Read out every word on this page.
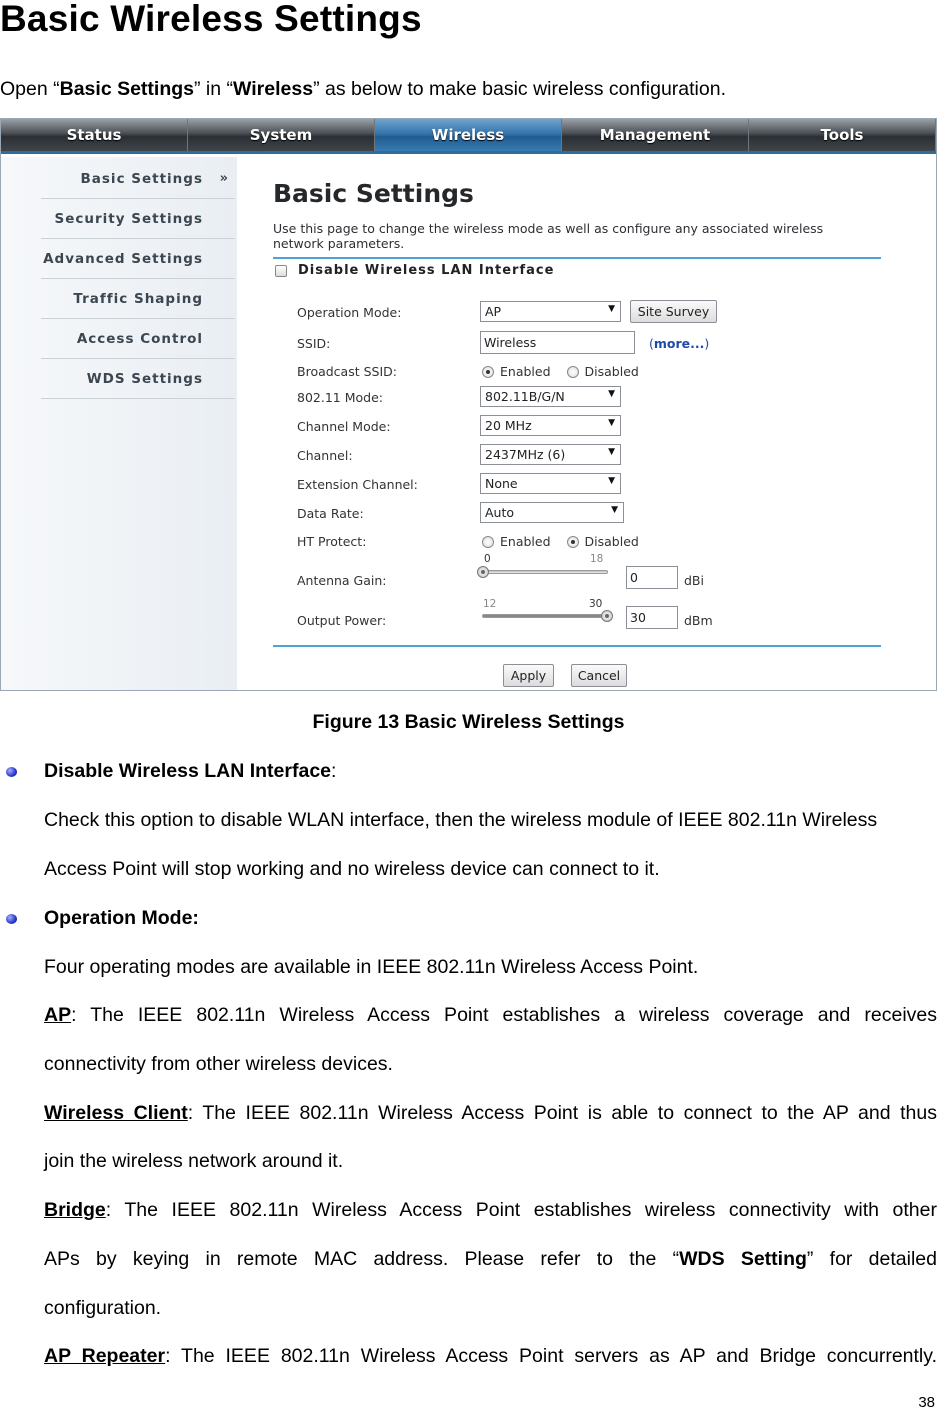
Basic Wireless Settings
Open “Basic Settings” in “Wireless” as below to make basic wireless configuration.
Status	System	Wireless	Management	Tools
Basic Settings »
Security Settings
Advanced Settings
Traffic Shaping
Access Control
WDS Settings
Basic Settings
Use this page to change the wireless mode as well as configure any associated wireless network parameters.
Disable Wireless LAN Interface
Operation Mode:	AP	▼	Site Survey
SSID:	Wireless	(more...)
Broadcast SSID:	Enabled	Disabled
802.11 Mode:	802.11B/G/N	▼
Channel Mode:	20 MHz	▼
Channel:	2437MHz (6)	▼
Extension Channel:	None	▼
Data Rate:	Auto	▼
HT Protect:	Enabled	Disabled
0	18
Antenna Gain:	0	dBi
12	30
Output Power:	30	dBm
Apply	Cancel
Figure 13 Basic Wireless Settings
Disable Wireless LAN Interface:
Check this option to disable WLAN interface, then the wireless module of IEEE 802.11n Wireless
Access Point will stop working and no wireless device can connect to it.
Operation Mode:
Four operating modes are available in IEEE 802.11n Wireless Access Point.
AP: The IEEE 802.11n Wireless Access Point establishes a wireless coverage and receives
connectivity from other wireless devices.
Wireless Client: The IEEE 802.11n Wireless Access Point is able to connect to the AP and thus
join the wireless network around it.
Bridge: The IEEE 802.11n Wireless Access Point establishes wireless connectivity with other
APs by keying in remote MAC address. Please refer to the “WDS Setting” for detailed
configuration.
AP Repeater: The IEEE 802.11n Wireless Access Point servers as AP and Bridge concurrently.
38
